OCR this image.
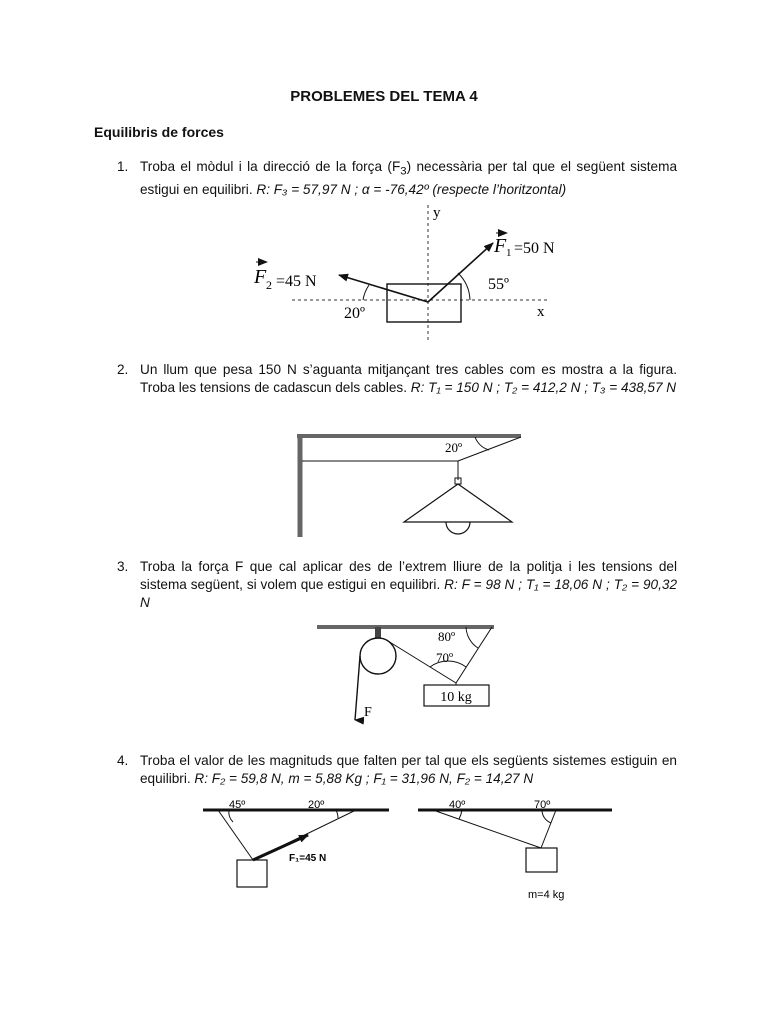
PROBLEMES DEL TEMA 4
Equilibris de forces
1. Troba el mòdul i la direcció de la força $(F_3)$ necessària per tal que el següent sistema estigui en equilibri. R: F₃ = 57,97 N ; α = -76,42º (respecte l’horitzontal)
y
x
55º
20º
F 1 =50 N
F 2 =45 N
2. Un llum que pesa 150 N s’aguanta mitjançant tres cables com es mostra a la figura. Troba les tensions de cadascun dels cables. R: T₁ = 150 N ; T₂ = 412,2 N ; T₃ = 438,57 N
20º
3. Troba la força F que cal aplicar des de l’extrem lliure de la politja i les tensions del sistema següent, si volem que estigui en equilibri. R: F = 98 N ; T₁ = 18,06 N ; T₂ = 90,32 N
F
80º
70º
10 kg
4. Troba el valor de les magnituds que falten per tal que els següents sistemes estiguin en equilibri. R: F₂ = 59,8 N, m = 5,88 Kg ; F₁ = 31,96 N, F₂ = 14,27 N
45º	20º
F₁=45 N
40º	70º
m=4 kg
